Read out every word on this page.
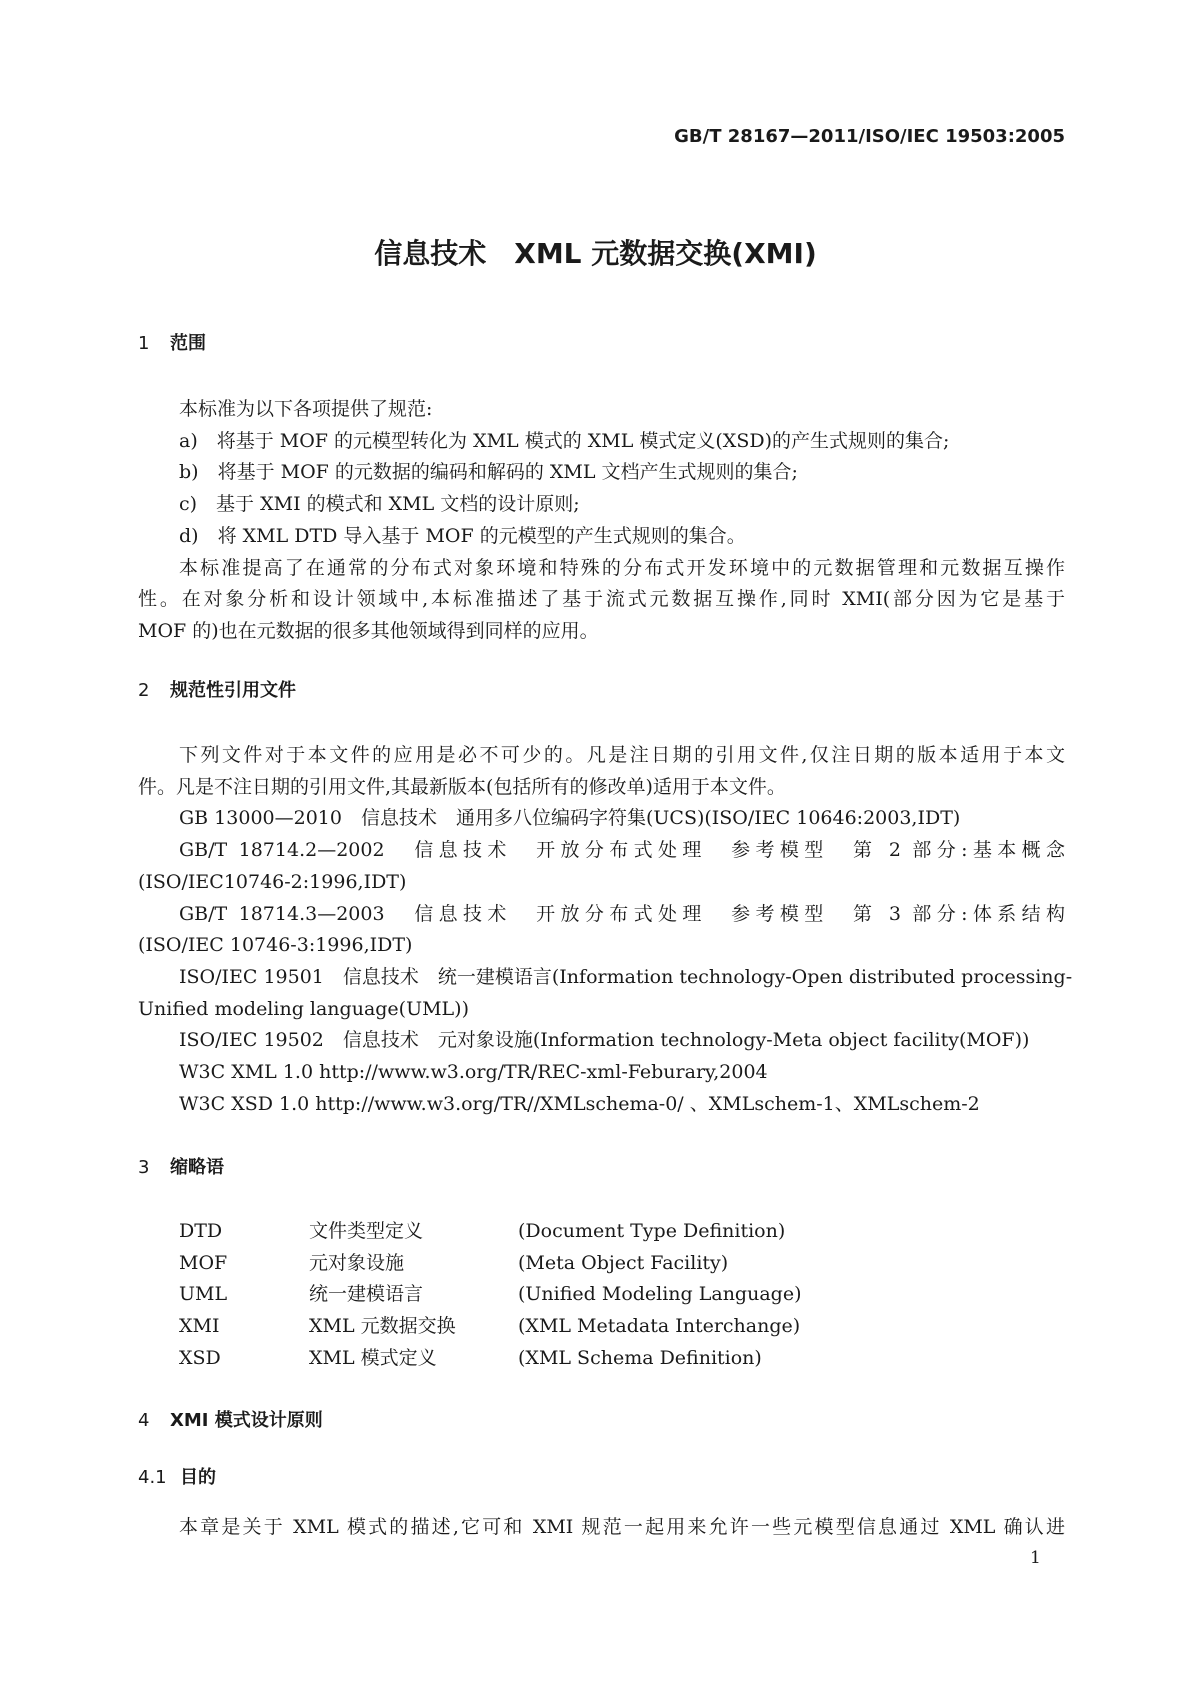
GB/T 28167—2011/ISO/IEC 19503:2005
信息技术　XML 元数据交换(XMI)
1 范围
本标准为以下各项提供了规范:
a)　将基于 MOF 的元模型转化为 XML 模式的 XML 模式定义(XSD)的产生式规则的集合;
b)　将基于 MOF 的元数据的编码和解码的 XML 文档产生式规则的集合;
c)　基于 XMI 的模式和 XML 文档的设计原则;
d)　将 XML DTD 导入基于 MOF 的元模型的产生式规则的集合。
本标准提高了在通常的分布式对象环境和特殊的分布式开发环境中的元数据管理和元数据互操作
性。在对象分析和设计领域中,本标准描述了基于流式元数据互操作,同时 XMI(部分因为它是基于
MOF 的)也在元数据的很多其他领域得到同样的应用。
2 规范性引用文件
下列文件对于本文件的应用是必不可少的。凡是注日期的引用文件,仅注日期的版本适用于本文
件。凡是不注日期的引用文件,其最新版本(包括所有的修改单)适用于本文件。
GB 13000—2010　信息技术　通用多八位编码字符集(UCS)(ISO/IEC 10646:2003,IDT)
GB/T 18714.2—2002　信息技术　开放分布式处理　参考模型　第 2 部分:基本概念
(ISO/IEC10746-2:1996,IDT)
GB/T 18714.3—2003　信息技术　开放分布式处理　参考模型　第 3 部分:体系结构
(ISO/IEC 10746-3:1996,IDT)
ISO/IEC 19501　信息技术　统一建模语言(Information technology-Open distributed processing-
Unified modeling language(UML))
ISO/IEC 19502　信息技术　元对象设施(Information technology-Meta object facility(MOF))
W3C XML 1.0 http://www.w3.org/TR/REC-xml-Feburary,2004
W3C XSD 1.0 http://www.w3.org/TR//XMLschema-0/ 、XMLschem-1、XMLschem-2
3 缩略语
DTD	文件类型定义	(Document Type Definition)
MOF	元对象设施	(Meta Object Facility)
UML	统一建模语言	(Unified Modeling Language)
XMI	XML 元数据交换	(XML Metadata Interchange)
XSD	XML 模式定义	(XML Schema Definition)
4 XMI 模式设计原则
4.1 目的
本章是关于 XML 模式的描述,它可和 XMI 规范一起用来允许一些元模型信息通过 XML 确认进
1
